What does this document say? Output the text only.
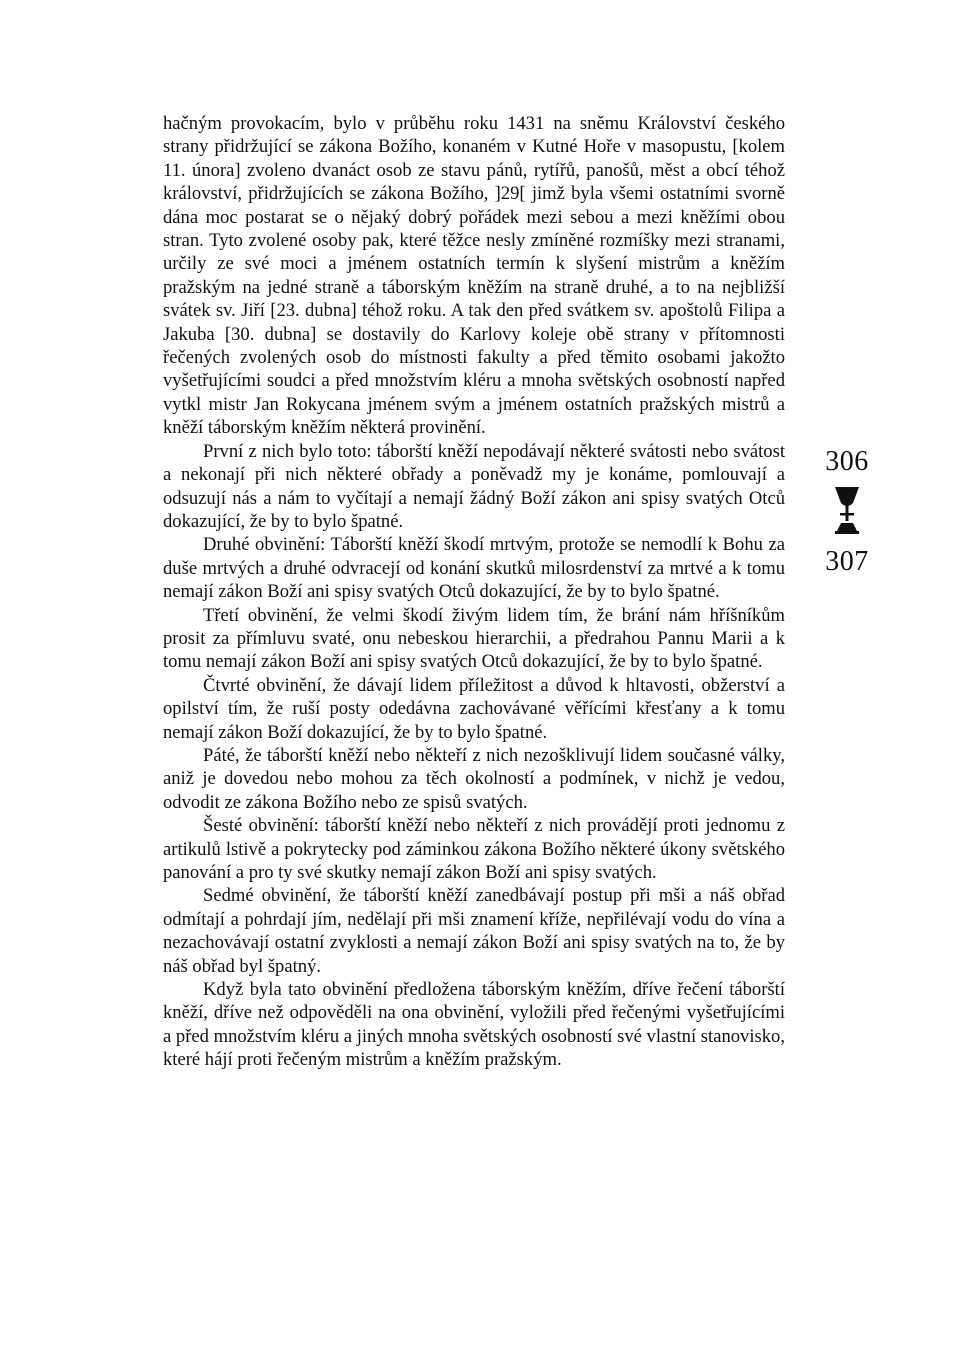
hačným provokacím, bylo v průběhu roku 1431 na sněmu Království českého strany přidržující se zákona Božího, konaném v Kutné Hoře v masopustu, [kolem 11. února] zvoleno dvanáct osob ze stavu pánů, rytířů, panošů, měst a obcí téhož království, přidržujících se zákona Božího, ]29[ jimž byla všemi ostatními svorně dána moc postarat se o nějaký dobrý pořádek mezi sebou a mezi kněžími obou stran. Tyto zvolené osoby pak, které těžce nesly zmíněné rozmíšky mezi stranami, určily ze své moci a jménem ostatních termín k slyšení mistrům a kněžím pražským na jedné straně a táborským kněžím na straně druhé, a to na nejbližší svátek sv. Jiří [23. dubna] téhož roku. A tak den před svátkem sv. apoštolů Filipa a Jakuba [30. dubna] se dostavily do Karlovy koleje obě strany v přítomnosti řečených zvolených osob do místnosti fakulty a před těmito osobami jakožto vyšetřujícími soudci a před množstvím kléru a mnoha světských osobností napřed vytkl mistr Jan Rokycana jménem svým a jménem ostatních pražských mistrů a kněží táborským kněžím některá provinění.

První z nich bylo toto: táborští kněží nepodávají některé svátosti nebo svátost a nekonají při nich některé obřady a poněvadž my je konáme, pomlouvají a odsuzují nás a nám to vyčítají a nemají žádný Boží zákon ani spisy svatých Otců dokazující, že by to bylo špatné.

Druhé obvinění: Táborští kněží škodí mrtvým, protože se nemodlí k Bohu za duše mrtvých a druhé odvracejí od konání skutků milosrdenství za mrtvé a k tomu nemají zákon Boží ani spisy svatých Otců dokazující, že by to bylo špatné.

Třetí obvinění, že velmi škodí živým lidem tím, že brání nám hříšníkům prosit za přímluvu svaté, onu nebeskou hierarchii, a předrahou Pannu Marii a k tomu nemají zákon Boží ani spisy svatých Otců dokazující, že by to bylo špatné.

Čtvrté obvinění, že dávají lidem příležitost a důvod k hltavosti, obžerství a opilství tím, že ruší posty odedávna zachovávané věřícími křesťany a k tomu nemají zákon Boží dokazující, že by to bylo špatné.

Páté, že táborští kněží nebo někteří z nich nezošklivují lidem současné války, aniž je dovedou nebo mohou za těch okolností a podmínek, v nichž je vedou, odvodit ze zákona Božího nebo ze spisů svatých.

Šesté obvinění: táborští kněží nebo někteří z nich provádějí proti jednomu z artikulů lstivě a pokrytecky pod záminkou zákona Božího některé úkony světského panování a pro ty své skutky nemají zákon Boží ani spisy svatých.

Sedmé obvinění, že táborští kněží zanedbávají postup při mši a náš obřad odmítají a pohrdají jím, nedělají při mši znamení kříže, nepřilévají vodu do vína a nezachovávají ostatní zvyklosti a nemají zákon Boží ani spisy svatých na to, že by náš obřad byl špatný.

Když byla tato obvinění předložena táborským kněžím, dříve řečení táborští kněží, dříve než odpověděli na ona obvinění, vyložili před řečenými vyšetřujícími a před množstvím kléru a jiných mnoha světských osobností své vlastní stanovisko, které hájí proti řečeným mistrům a kněžím pražským.

306
307
